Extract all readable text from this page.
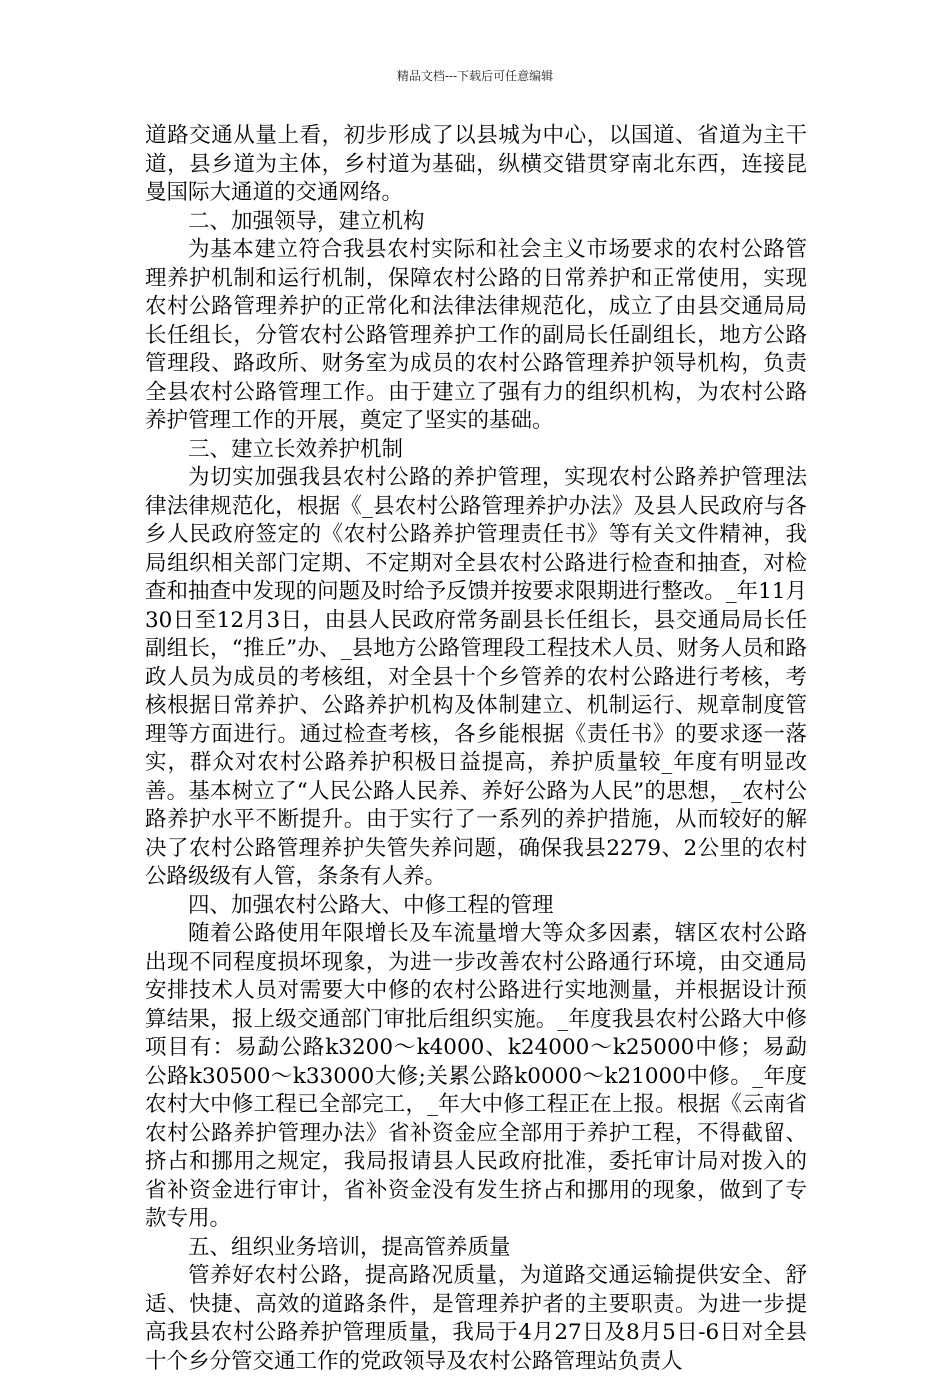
精品文档---下载后可任意编辑

道路交通从量上看，初步形成了以县城为中心，以国道、省道为主干道，县乡道为主体，乡村道为基础，纵横交错贯穿南北东西，连接昆曼国际大通道的交通网络。

二、加强领导，建立机构

为基本建立符合我县农村实际和社会主义市场要求的农村公路管理养护机制和运行机制，保障农村公路的日常养护和正常使用，实现农村公路管理养护的正常化和法律法律规范化，成立了由县交通局局长任组长，分管农村公路管理养护工作的副局长任副组长，地方公路管理段、路政所、财务室为成员的农村公路管理养护领导机构，负责全县农村公路管理工作。由于建立了强有力的组织机构，为农村公路养护管理工作的开展，奠定了坚实的基础。

三、建立长效养护机制

为切实加强我县农村公路的养护管理，实现农村公路养护管理法律法律规范化，根据《_县农村公路管理养护办法》及县人民政府与各乡人民政府签定的《农村公路养护管理责任书》等有关文件精神，我局组织相关部门定期、不定期对全县农村公路进行检查和抽查，对检查和抽查中发现的问题及时给予反馈并按要求限期进行整改。_年11月30日至12月3日，由县人民政府常务副县长任组长，县交通局局长任副组长，“推丘”办、_县地方公路管理段工程技术人员、财务人员和路政人员为成员的考核组，对全县十个乡管养的农村公路进行考核，考核根据日常养护、公路养护机构及体制建立、机制运行、规章制度管理等方面进行。通过检查考核，各乡能根据《责任书》的要求逐一落实，群众对农村公路养护积极日益提高，养护质量较_年度有明显改善。基本树立了“人民公路人民养、养好公路为人民”的思想，_农村公路养护水平不断提升。由于实行了一系列的养护措施，从而较好的解决了农村公路管理养护失管失养问题，确保我县2279、2公里的农村公路级级有人管，条条有人养。

四、加强农村公路大、中修工程的管理

随着公路使用年限增长及车流量增大等众多因素，辖区农村公路出现不同程度损坏现象，为进一步改善农村公路通行环境，由交通局安排技术人员对需要大中修的农村公路进行实地测量，并根据设计预算结果，报上级交通部门审批后组织实施。_年度我县农村公路大中修项目有：易勐公路k3200～k4000、k24000～k25000中修；易勐公路k30500～k33000大修;关累公路k0000～k21000中修。_年度农村大中修工程已全部完工，_年大中修工程正在上报。根据《云南省农村公路养护管理办法》省补资金应全部用于养护工程，不得截留、挤占和挪用之规定，我局报请县人民政府批准，委托审计局对拨入的省补资金进行审计，省补资金没有发生挤占和挪用的现象，做到了专款专用。

五、组织业务培训，提高管养质量

管养好农村公路，提高路况质量，为道路交通运输提供安全、舒适、快捷、高效的道路条件，是管理养护者的主要职责。为进一步提高我县农村公路养护管理质量，我局于4月27日及8月5日-6日对全县十个乡分管交通工作的党政领导及农村公路管理站负责人
